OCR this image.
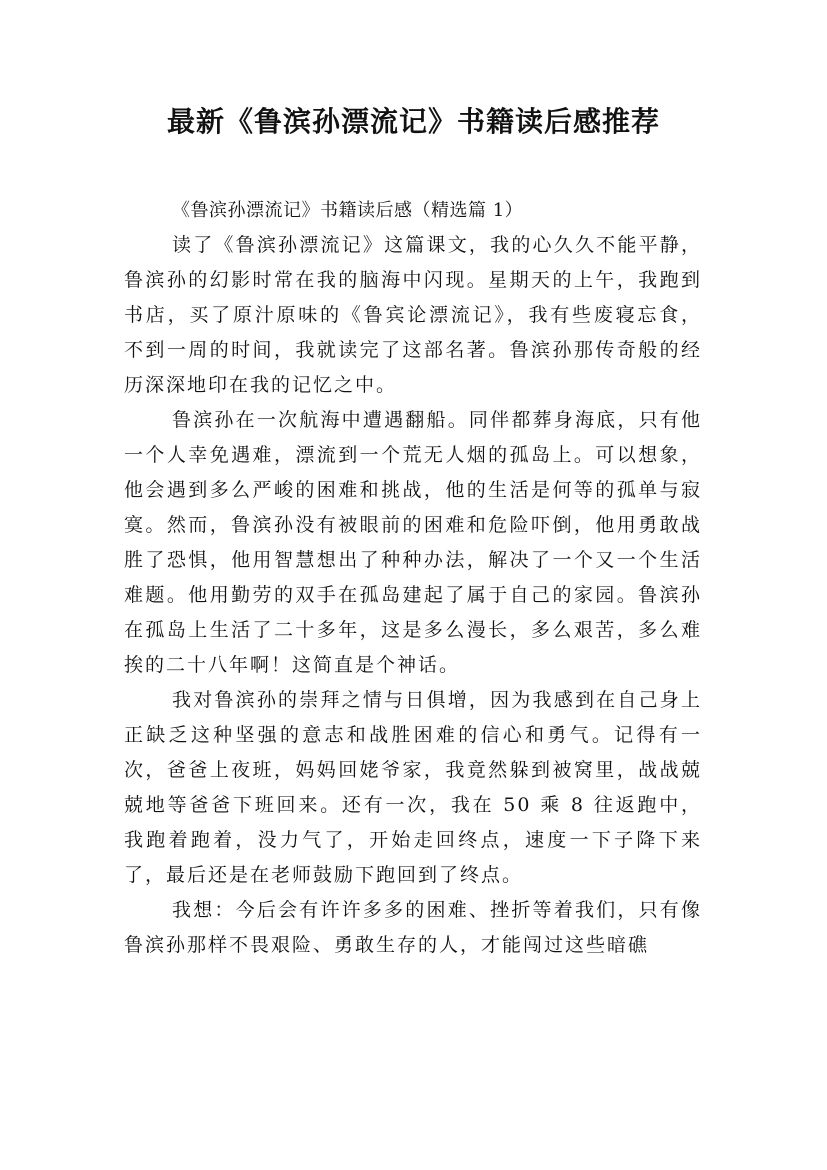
最新《鲁滨孙漂流记》书籍读后感推荐

《鲁滨孙漂流记》书籍读后感（精选篇 1）

读了《鲁滨孙漂流记》这篇课文，我的心久久不能平静，鲁滨孙的幻影时常在我的脑海中闪现。星期天的上午，我跑到书店，买了原汁原味的《鲁宾论漂流记》，我有些废寝忘食，不到一周的时间，我就读完了这部名著。鲁滨孙那传奇般的经历深深地印在我的记忆之中。

鲁滨孙在一次航海中遭遇翻船。同伴都葬身海底，只有他一个人幸免遇难，漂流到一个荒无人烟的孤岛上。可以想象，他会遇到多么严峻的困难和挑战，他的生活是何等的孤单与寂寞。然而，鲁滨孙没有被眼前的困难和危险吓倒，他用勇敢战胜了恐惧，他用智慧想出了种种办法，解决了一个又一个生活难题。他用勤劳的双手在孤岛建起了属于自己的家园。鲁滨孙在孤岛上生活了二十多年，这是多么漫长，多么艰苦，多么难挨的二十八年啊！这简直是个神话。

我对鲁滨孙的崇拜之情与日俱增，因为我感到在自己身上正缺乏这种坚强的意志和战胜困难的信心和勇气。记得有一次，爸爸上夜班，妈妈回姥爷家，我竟然躲到被窝里，战战兢兢地等爸爸下班回来。还有一次，我在 50 乘 8 往返跑中，我跑着跑着，没力气了，开始走回终点，速度一下子降下来了，最后还是在老师鼓励下跑回到了终点。

我想：今后会有许许多多的困难、挫折等着我们，只有像鲁滨孙那样不畏艰险、勇敢生存的人，才能闯过这些暗礁
